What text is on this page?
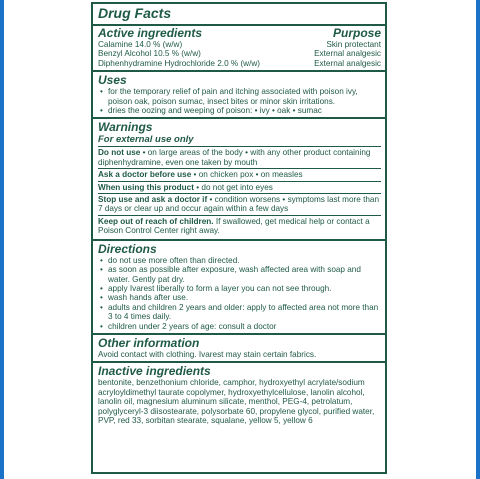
Drug Facts
Active ingredients	Purpose
Calamine 14.0 % (w/w)	Skin protectant
Benzyl Alcohol 10.5 % (w/w)	External analgesic
Diphenhydramine Hydrochloride 2.0 % (w/w)	External analgesic
Uses
• for the temporary relief of pain and itching associated with poison ivy, poison oak, poison sumac, insect bites or minor skin irritations.
• dries the oozing and weeping of poison: • ivy • oak • sumac
Warnings
For external use only
Do not use • on large areas of the body • with any other product containing diphenhydramine, even one taken by mouth
Ask a doctor before use • on chicken pox • on measles
When using this product • do not get into eyes
Stop use and ask a doctor if • condition worsens • symptoms last more than 7 days or clear up and occur again within a few days
Keep out of reach of children. If swallowed, get medical help or contact a Poison Control Center right away.
Directions
• do not use more often than directed.
• as soon as possible after exposure, wash affected area with soap and water. Gently pat dry.
• apply Ivarest liberally to form a layer you can not see through.
• wash hands after use.
• adults and children 2 years and older: apply to affected area not more than 3 to 4 times daily.
• children under 2 years of age: consult a doctor
Other information
Avoid contact with clothing. Ivarest may stain certain fabrics.
Inactive ingredients
bentonite, benzethonium chloride, camphor, hydroxyethyl acrylate/sodium acryloyldimethyl taurate copolymer, hydroxyethylcellulose, lanolin alcohol, lanolin oil, magnesium aluminum silicate, menthol, PEG-4, petrolatum, polyglyceryl-3 diisostearate, polysorbate 60, propylene glycol, purified water, PVP, red 33, sorbitan stearate, squalane, yellow 5, yellow 6
